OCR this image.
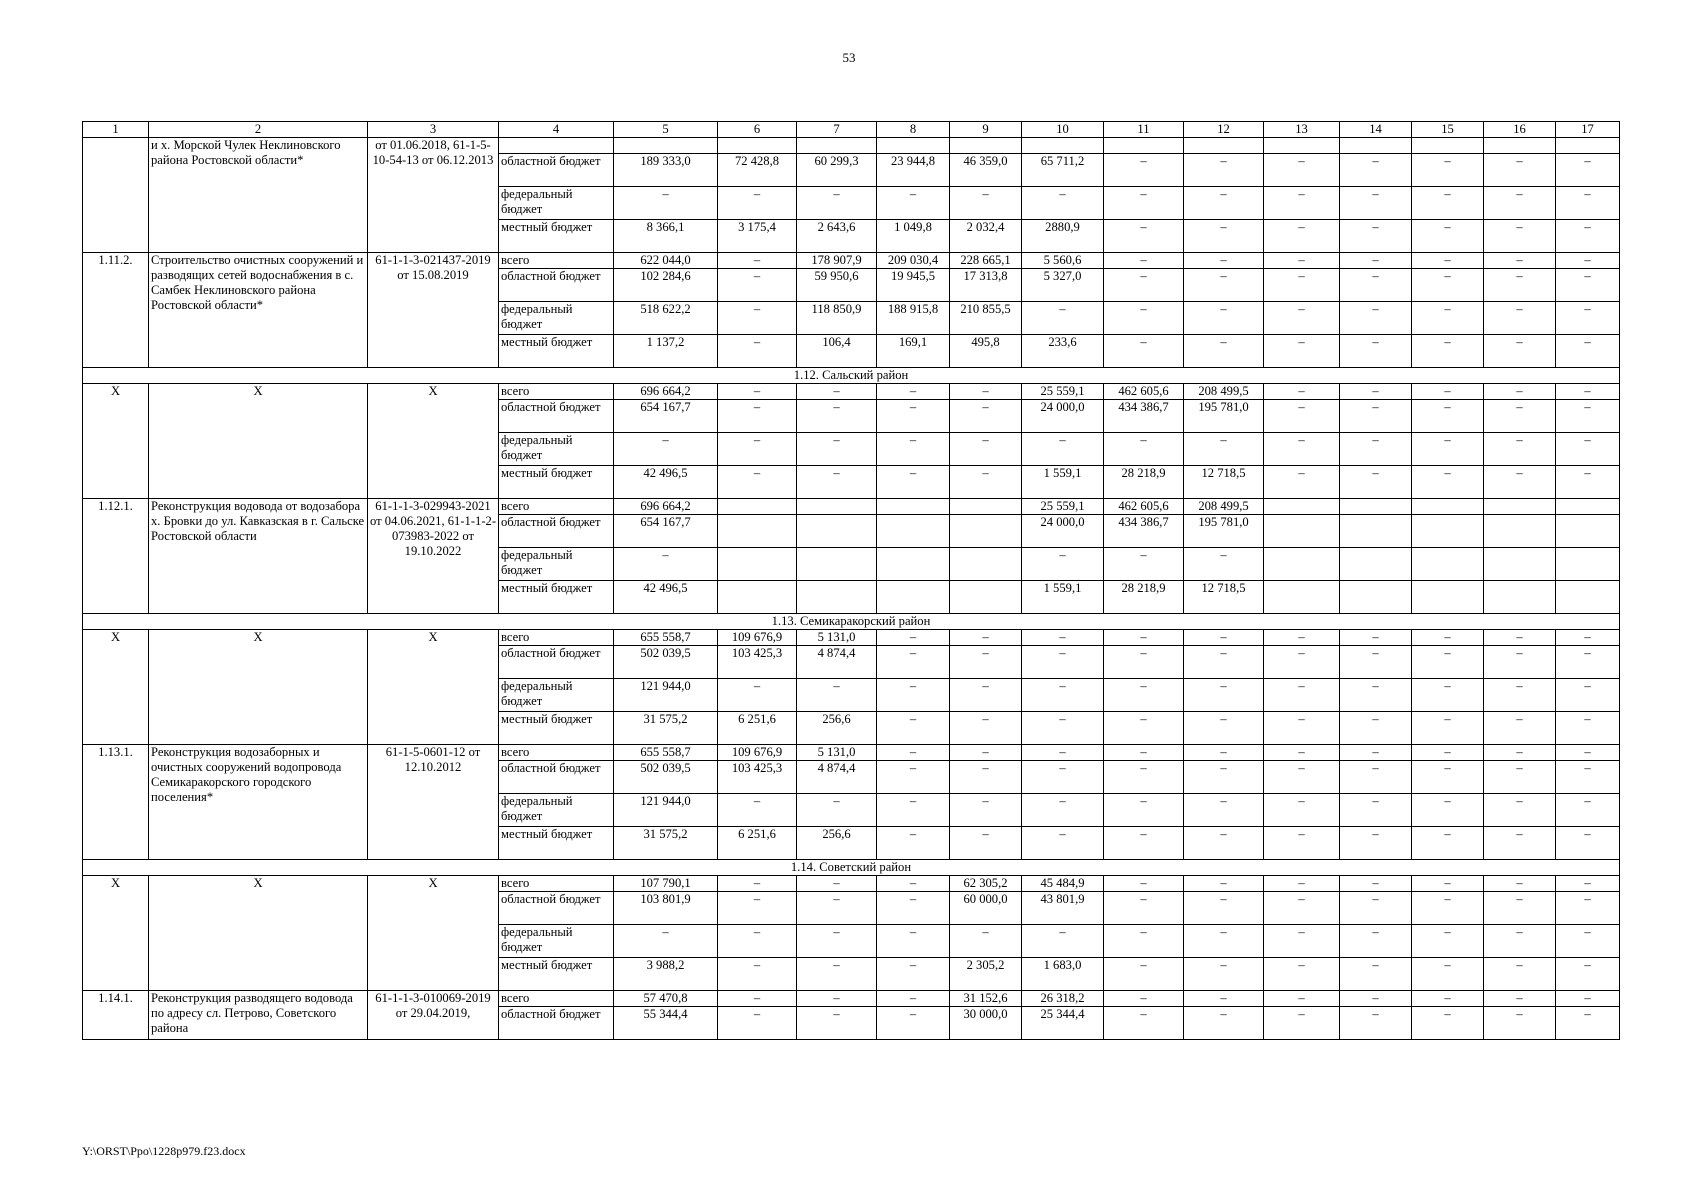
53
1	2	3	4	5	6	7	8	9	10	11	12	13	14	15	16	17
	и х. Морской Чулек Неклиновского района Ростовской области*	от 01.06.2018, 61-1-5-10-54-13 от 06.12.2013														
			областной бюджет	189 333,0	72 428,8	60 299,3	23 944,8	46 359,0	65 711,2	–	–	–	–	–	–	–
			федеральный бюджет	–	–	–	–	–	–	–	–	–	–	–	–	–
			местный бюджет	8 366,1	3 175,4	2 643,6	1 049,8	2 032,4	2880,9	–	–	–	–	–	–	–
1.11.2.	Строительство очистных сооружений и разводящих сетей водоснабжения в с. Самбек Неклиновского района Ростовской области*	61-1-1-3-021437-2019 от 15.08.2019	всего	622 044,0	–	178 907,9	209 030,4	228 665,1	5 560,6	–	–	–	–	–	–	–
			областной бюджет	102 284,6	–	59 950,6	19 945,5	17 313,8	5 327,0	–	–	–	–	–	–	–
			федеральный бюджет	518 622,2	–	118 850,9	188 915,8	210 855,5	–	–	–	–	–	–	–	–
			местный бюджет	1 137,2	–	106,4	169,1	495,8	233,6	–	–	–	–	–	–	–
1.12. Сальский район																
X	X	X	всего	696 664,2	–	–	–	–	25 559,1	462 605,6	208 499,5	–	–	–	–	–
			областной бюджет	654 167,7	–	–	–	–	24 000,0	434 386,7	195 781,0	–	–	–	–	–
			федеральный бюджет	–	–	–	–	–	–	–	–	–	–	–	–	–
			местный бюджет	42 496,5	–	–	–	–	1 559,1	28 218,9	12 718,5	–	–	–	–	–
1.12.1.	Реконструкция водовода от водозабора х. Бровки до ул. Кавказская в г. Сальске Ростовской области	61-1-1-3-029943-2021 от 04.06.2021, 61-1-1-2-073983-2022 от 19.10.2022	всего	696 664,2					25 559,1	462 605,6	208 499,5					
			областной бюджет	654 167,7					24 000,0	434 386,7	195 781,0					
			федеральный бюджет	–					–	–	–					
			местный бюджет	42 496,5					1 559,1	28 218,9	12 718,5					
1.13. Семикаракорский район																
X	X	X	всего	655 558,7	109 676,9	5 131,0	–	–	–	–	–	–	–	–	–	–
			областной бюджет	502 039,5	103 425,3	4 874,4	–	–	–	–	–	–	–	–	–	–
			федеральный бюджет	121 944,0	–	–	–	–	–	–	–	–	–	–	–	–
			местный бюджет	31 575,2	6 251,6	256,6	–	–	–	–	–	–	–	–	–	–
1.13.1.	Реконструкция водозаборных и очистных сооружений водопровода Семикаракорского городского поселения*	61-1-5-0601-12 от 12.10.2012	всего	655 558,7	109 676,9	5 131,0	–	–	–	–	–	–	–	–	–	–
			областной бюджет	502 039,5	103 425,3	4 874,4	–	–	–	–	–	–	–	–	–	–
			федеральный бюджет	121 944,0	–	–	–	–	–	–	–	–	–	–	–	–
			местный бюджет	31 575,2	6 251,6	256,6	–	–	–	–	–	–	–	–	–	–
1.14. Советский район																
X	X	X	всего	107 790,1	–	–	–	62 305,2	45 484,9	–	–	–	–	–	–	–
			областной бюджет	103 801,9	–	–	–	60 000,0	43 801,9	–	–	–	–	–	–	–
			федеральный бюджет	–	–	–	–	–	–	–	–	–	–	–	–	–
			местный бюджет	3 988,2	–	–	–	2 305,2	1 683,0	–	–	–	–	–	–	–
1.14.1.	Реконструкция разводящего водовода по адресу сл. Петрово, Советского района	61-1-1-3-010069-2019 от 29.04.2019,	всего	57 470,8	–	–	–	31 152,6	26 318,2	–	–	–	–	–	–	–
			областной бюджет	55 344,4	–	–	–	30 000,0	25 344,4	–	–	–	–	–	–	–
Y:\ORST\Ppo\1228p979.f23.docx
